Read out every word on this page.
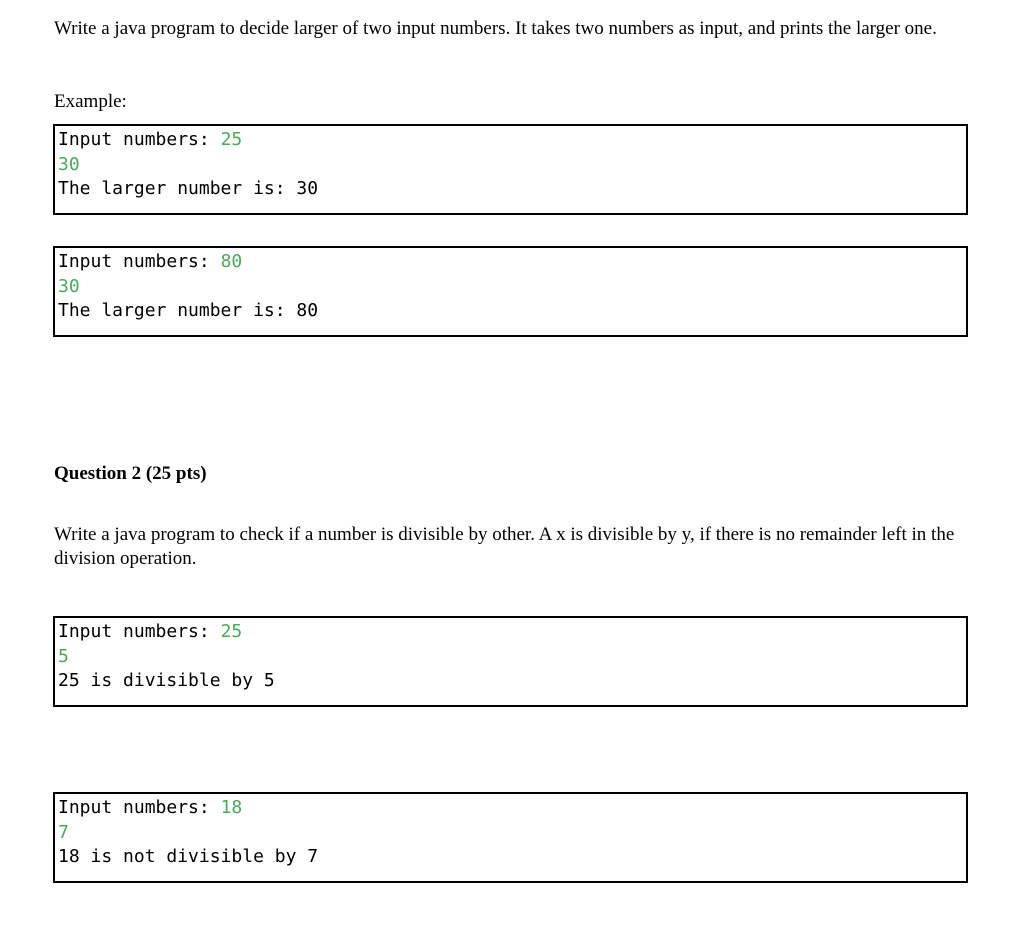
Write a java program to decide larger of two input numbers. It takes two numbers as input, and prints the larger one.

Example:

Input numbers: 25
30
The larger number is: 30
Input numbers: 80
30
The larger number is: 80

Question 2 (25 pts)

Write a java program to check if a number is divisible by other. A x is divisible by y, if there is no remainder left in the division operation.

Input numbers: 25
5
25 is divisible by 5
Input numbers: 18
7
18 is not divisible by 7
